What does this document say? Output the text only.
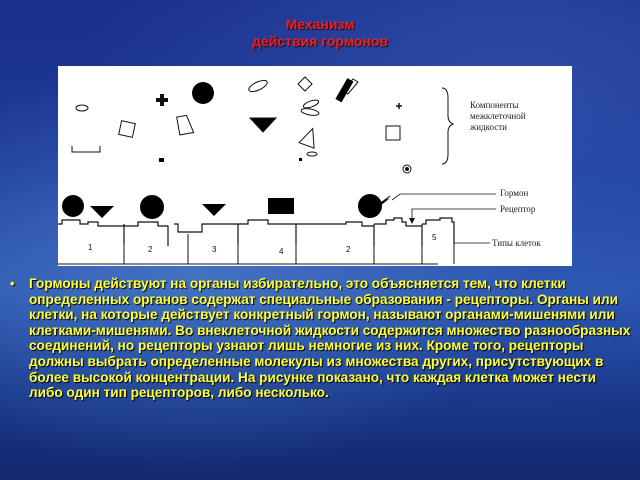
Механизм
действия гормонов
Компоненты
межклеточной
жидкости
Гормон
Рецептор
1	2	3	4	2
5
Типы клеток
• Гормоны действуют на органы избирательно, это объясняется тем, что клетки определенных органов содержат специальные образования - рецепторы. Органы или клетки, на которые действует конкретный гормон, называют органами-мишенями или клетками-мишенями. Во внеклеточной жидкости содержится множество разнообразных соединений, но рецепторы узнают лишь немногие из них. Кроме того, рецепторы должны выбрать определенные молекулы из множества других, присутствующих в более высокой концентрации. На рисунке показано, что каждая клетка может нести либо один тип рецепторов, либо несколько.
